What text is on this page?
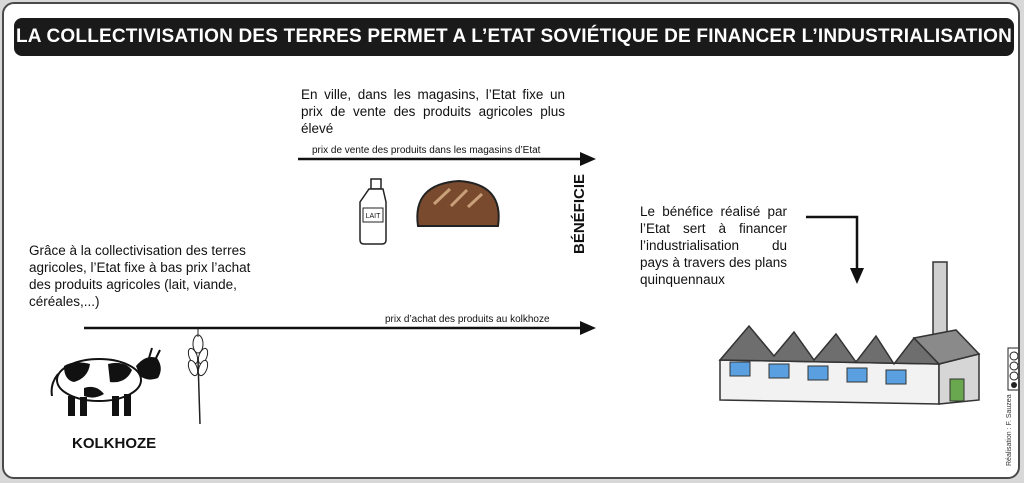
LA COLLECTIVISATION DES TERRES PERMET A L’ETAT SOVIÉTIQUE DE FINANCER L’INDUSTRIALISATION
En ville, dans les magasins, l’Etat fixe un prix de vente des produits agricoles plus élevé
prix de vente des produits dans les magasins d’Etat
BÉNÉFICIE	Le bénéfice réalisé par l’Etat sert à financer l’industrialisation du pays à travers des plans quinquennaux
Grâce à la collectivisation des terres agricoles, l’Etat fixe à bas prix l’achat des produits agricoles (lait, viande, céréales,...)
prix d’achat des produits au kolkhoze
KOLKHOZE	Réalisation : F. Sauzea
LAIT
